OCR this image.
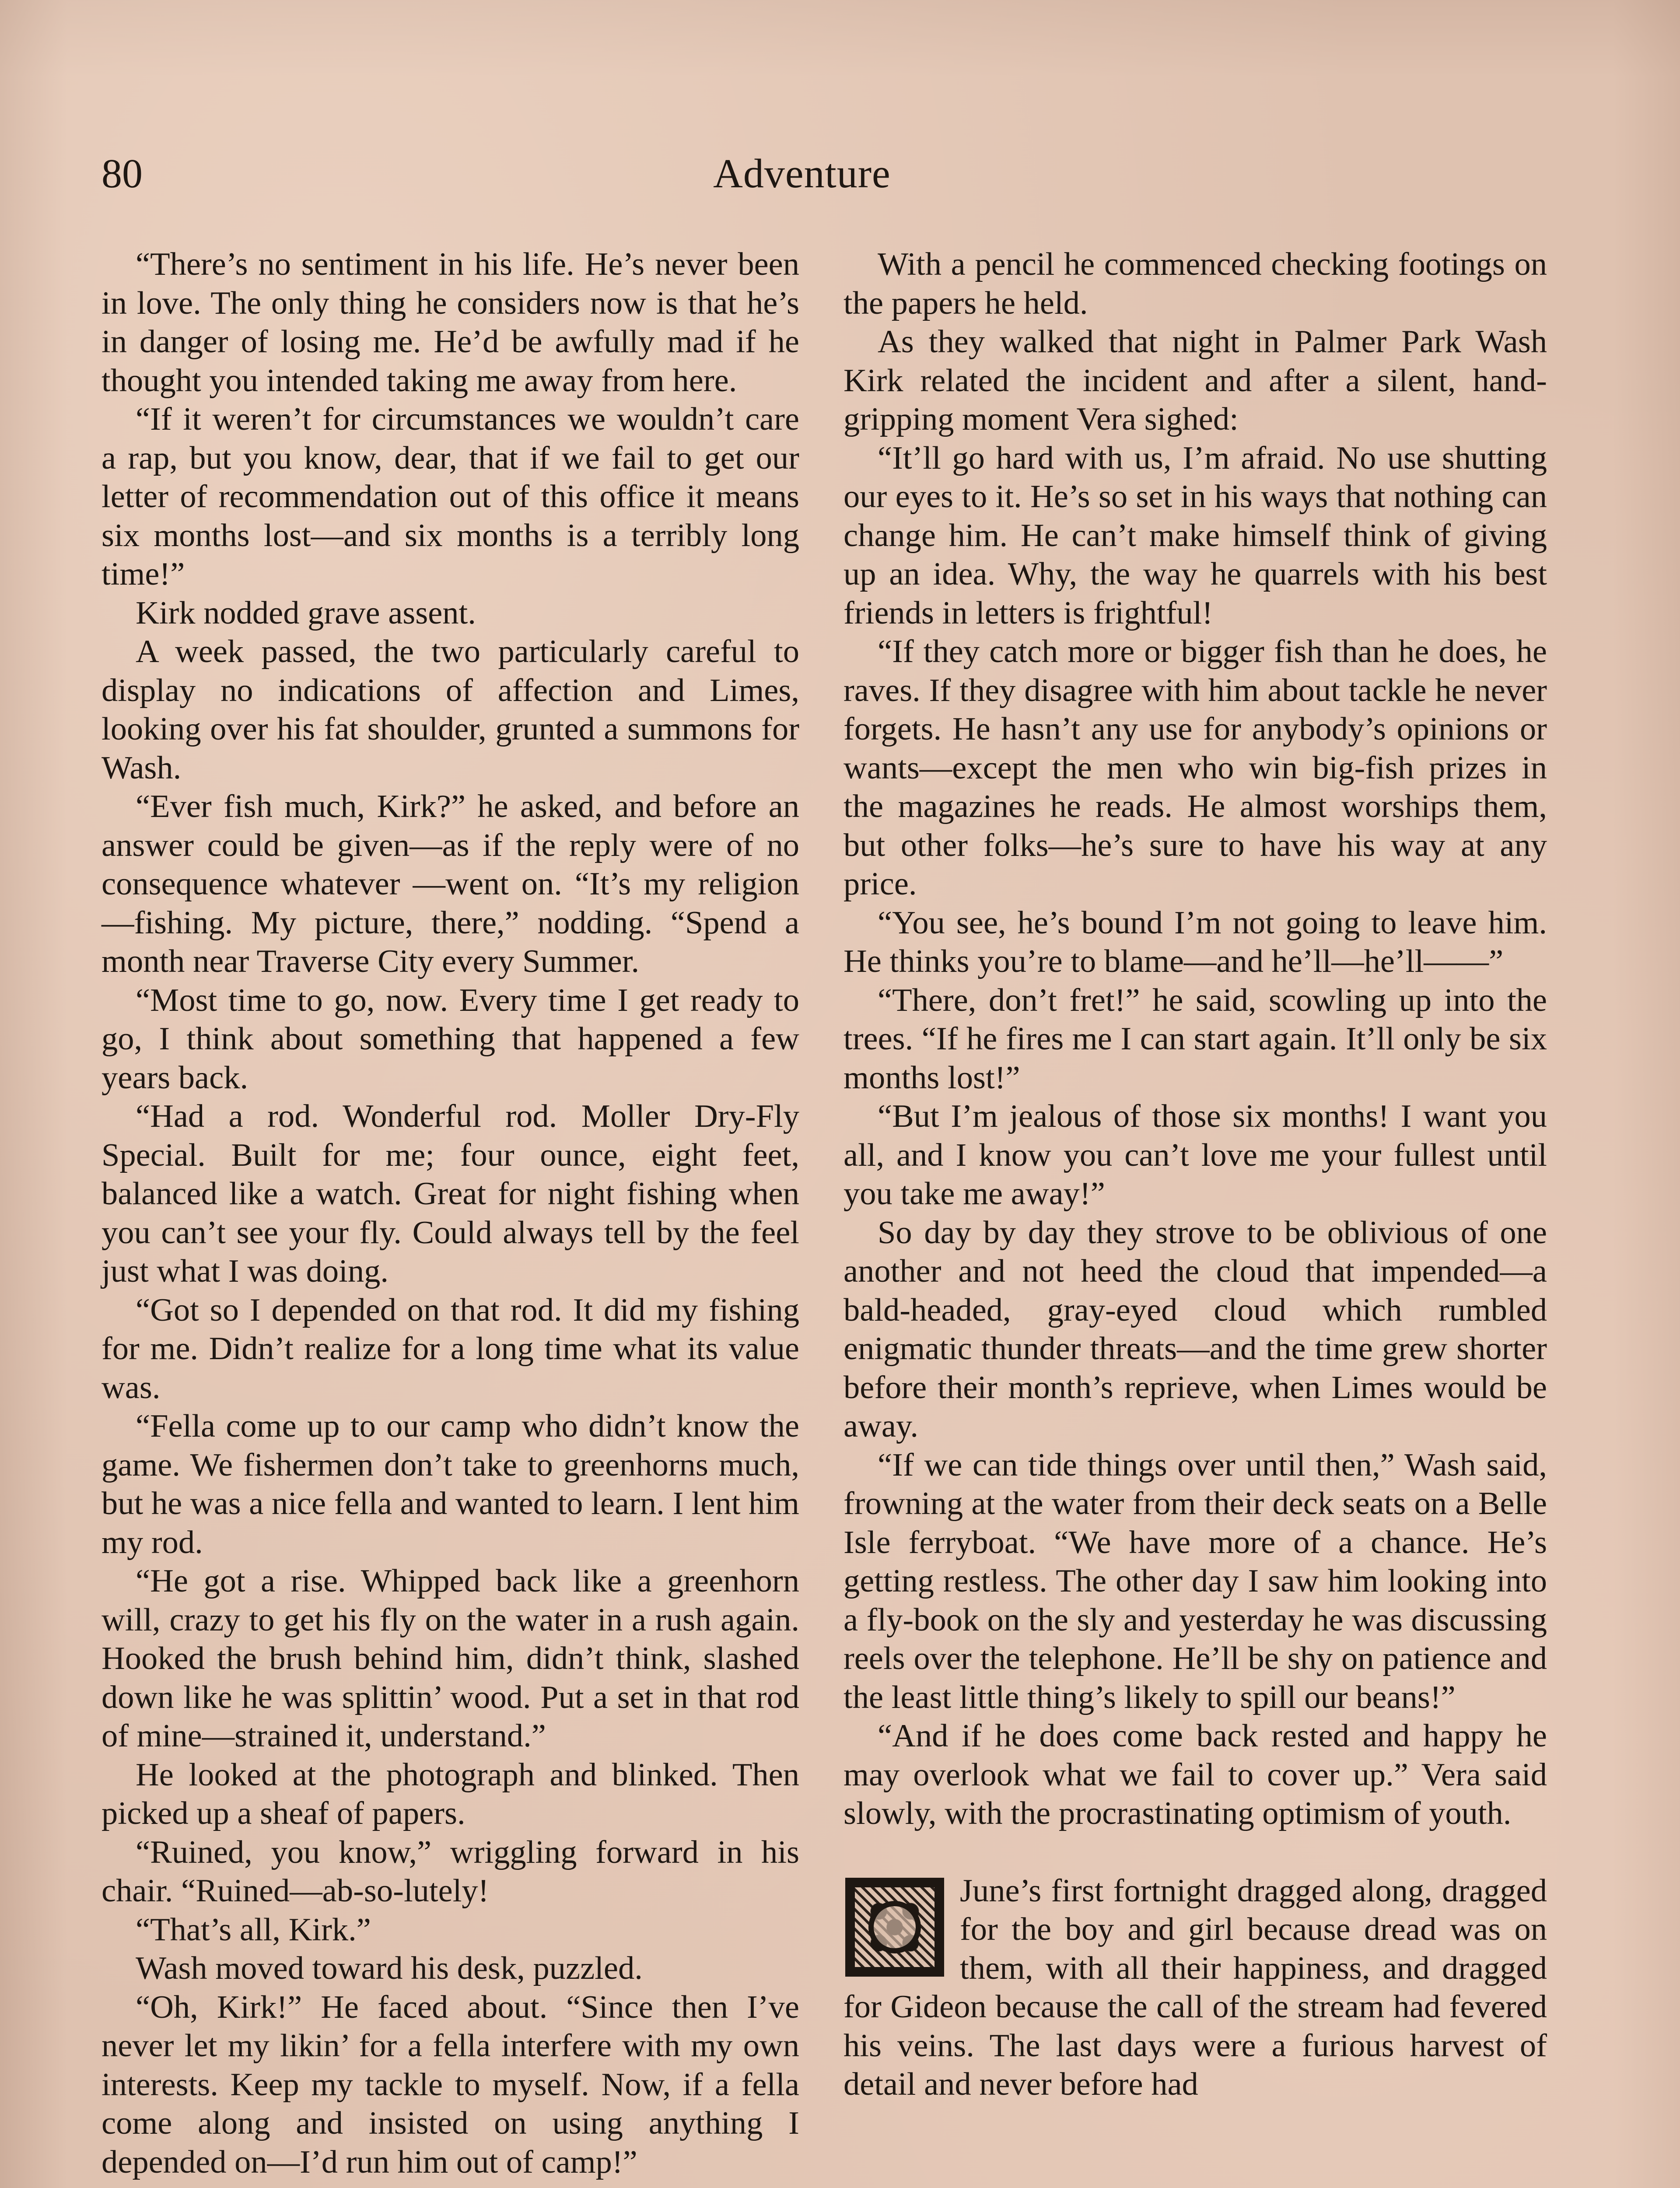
80	Adventure

“There’s no sentiment in his life. He’s never been in love. The only thing he considers now is that he’s in danger of losing me. He’d be awfully mad if he thought you intended taking me away from here.

“If it weren’t for circumstances we wouldn’t care a rap, but you know, dear, that if we fail to get our letter of recommendation out of this office it means six months lost—and six months is a terribly long time!”

Kirk nodded grave assent.

A week passed, the two particularly careful to display no indications of affection and Limes, looking over his fat shoulder, grunted a summons for Wash.

“Ever fish much, Kirk?” he asked, and before an answer could be given—as if the reply were of no consequence whatever —went on. “It’s my religion—fishing. My picture, there,” nodding. “Spend a month near Traverse City every Summer.

“Most time to go, now. Every time I get ready to go, I think about something that happened a few years back.

“Had a rod. Wonderful rod. Moller Dry-Fly Special. Built for me; four ounce, eight feet, balanced like a watch. Great for night fishing when you can’t see your fly. Could always tell by the feel just what I was doing.

“Got so I depended on that rod. It did my fishing for me. Didn’t realize for a long time what its value was.

“Fella come up to our camp who didn’t know the game. We fishermen don’t take to greenhorns much, but he was a nice fella and wanted to learn. I lent him my rod.

“He got a rise. Whipped back like a greenhorn will, crazy to get his fly on the water in a rush again. Hooked the brush behind him, didn’t think, slashed down like he was splittin’ wood. Put a set in that rod of mine—strained it, understand.”

He looked at the photograph and blinked. Then picked up a sheaf of papers.

“Ruined, you know,” wriggling forward in his chair. “Ruined—ab-so-lutely!

“That’s all, Kirk.”

Wash moved toward his desk, puzzled.

“Oh, Kirk!” He faced about. “Since then I’ve never let my likin’ for a fella interfere with my own interests. Keep my tackle to myself. Now, if a fella come along and insisted on using anything I depended on—I’d run him out of camp!”

With a pencil he commenced checking footings on the papers he held.

As they walked that night in Palmer Park Wash Kirk related the incident and after a silent, hand-gripping moment Vera sighed:

“It’ll go hard with us, I’m afraid. No use shutting our eyes to it. He’s so set in his ways that nothing can change him. He can’t make himself think of giving up an idea. Why, the way he quarrels with his best friends in letters is frightful!

“If they catch more or bigger fish than he does, he raves. If they disagree with him about tackle he never forgets. He hasn’t any use for anybody’s opinions or wants—except the men who win big-fish prizes in the magazines he reads. He almost worships them, but other folks—he’s sure to have his way at any price.

“You see, he’s bound I’m not going to leave him. He thinks you’re to blame—and he’ll—he’ll——”

“There, don’t fret!” he said, scowling up into the trees. “If he fires me I can start again. It’ll only be six months lost!”

“But I’m jealous of those six months! I want you all, and I know you can’t love me your fullest until you take me away!”

So day by day they strove to be oblivious of one another and not heed the cloud that impended—a bald-headed, gray-eyed cloud which rumbled enigmatic thunder threats—and the time grew shorter before their month’s reprieve, when Limes would be away.

“If we can tide things over until then,” Wash said, frowning at the water from their deck seats on a Belle Isle ferryboat. “We have more of a chance. He’s getting restless. The other day I saw him looking into a fly-book on the sly and yesterday he was discussing reels over the telephone. He’ll be shy on patience and the least little thing’s likely to spill our beans!”

“And if he does come back rested and happy he may overlook what we fail to cover up.” Vera said slowly, with the procrastinating optimism of youth.

June’s first fortnight dragged along, dragged for the boy and girl because dread was on them, with all their happiness, and dragged for Gideon because the call of the stream had fevered his veins. The last days were a furious harvest of detail and never before had
